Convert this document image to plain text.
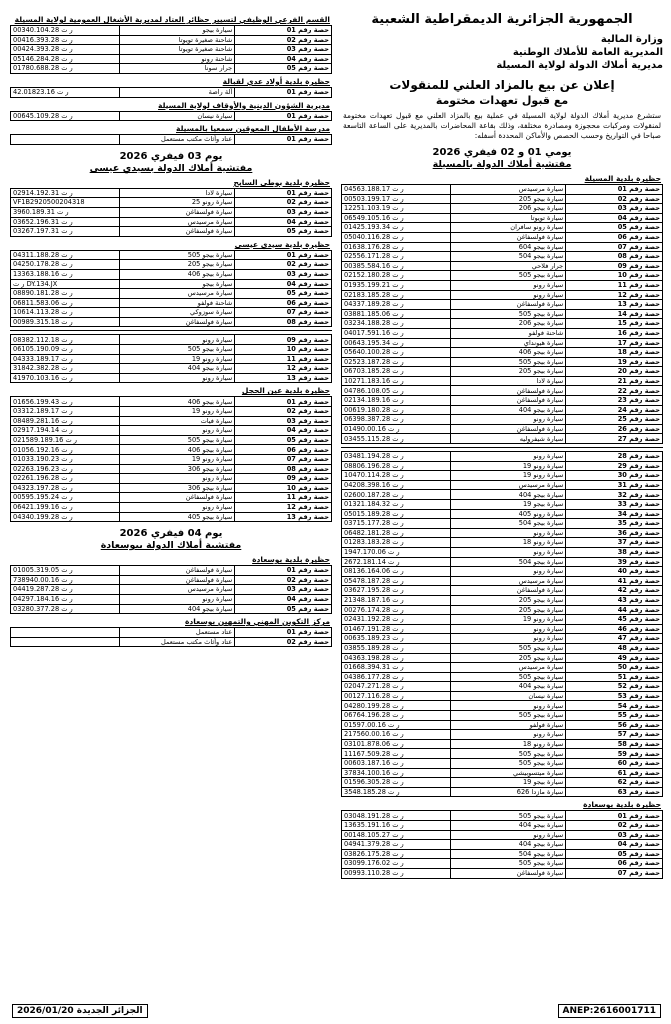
الجمهورية الجزائرية الديمقراطية الشعبية
وزارة المالية
المديرية العامة للأملاك الوطنية
مديرية أملاك الدولة لولاية المسيلة
إعلان عن بيع بالمزاد العلني للمنقولات
مع قبول تعهدات مختومة
ستشرع مديرية أملاك الدولة لولاية المسيلة في عملية بيع بالمزاد العلني مع قبول تعهدات مختومة لمنقولات ومركبات محجوزة ومصادرة مختلفة، وذلك بقاعة المحاضرات بالمديرية على الساعة التاسعة صباحا في التواريخ وحسب الحصص والأماكن المحددة أسفله:
يومي 01 و 02 فيفري 2026
مفتشية أملاك الدولة بالمسيلة
حظيرة بلدية المسيلة
حصة رقم 01	سيارة مرسيدس	ر ت 04563.188.17
حصة رقم 02	سيارة بيجو 205	ر ت 00503.199.17
حصة رقم 03	سيارة بيجو 206	ر ت 12251.103.19
حصة رقم 04	سيارة تويوتا	ر ت 06549.105.16
حصة رقم 05	سيارة رونو سافران	ر ت 01425.193.34
حصة رقم 06	سيارة فولسفاغن	ر ت 05040.116.28
حصة رقم 07	سيارة بيجو 604	ر ت 01638.176.28
حصة رقم 08	سيارة بيجو 504	ر ت 02556.171.28
حصة رقم 09	جرار فلاحي	ر ت 00385.584.16
حصة رقم 10	سيارة بيجو 505	ر ت 02152.180.28
حصة رقم 11	سيارة رونو	ر ت 01935.199.21
حصة رقم 12	سيارة رونو	ر ت 02183.185.28
حصة رقم 13	سيارة فولسفاغن	ر ت 04337.189.28
حصة رقم 14	سيارة بيجو 505	ر ت 03881.185.06
حصة رقم 15	سيارة بيجو 206	ر ت 03234.188.28
حصة رقم 16	شاحنة فولفو	ر ت 04017.591.16
حصة رقم 17	سيارة هيونداي	ر ت 00643.195.34
حصة رقم 18	سيارة بيجو 406	ر ت 05640.100.28
حصة رقم 19	سيارة بيجو 505	ر ت 02523.187.28
حصة رقم 20	سيارة بيجو 205	ر ت 06703.185.28
حصة رقم 21	سيارة لادا	ر ت 10271.183.16
حصة رقم 22	سيارة فولسفاغن	ر ت 04786.108.05
حصة رقم 23	سيارة فولسفاغن	ر ت 02134.189.16
حصة رقم 24	سيارة بيجو 404	ر ت 00619.180.28
حصة رقم 25	سيارة رونو	ر ت 06398.387.28
حصة رقم 26	سيارة فولسفاغن	ر ت 01490.00.16
حصة رقم 27	سيارة شيفروليه	ر ت 03455.115.28
حصة رقم 28	سيارة رونو	ر ت 03481.194.28
حصة رقم 29	سيارة رونو 19	ر ت 08806.196.28
حصة رقم 30	سيارة رونو 19	ر ت 10470.114.28
حصة رقم 31	سيارة مرسيدس	ر ت 04208.398.16
حصة رقم 32	سيارة بيجو 404	ر ت 02600.187.28
حصة رقم 33	سيارة بيجو 19	ر ت 01321.184.32
حصة رقم 34	سيارة رونو 405	ر ت 05015.189.28
حصة رقم 35	سيارة بيجو 504	ر ت 03715.177.28
حصة رقم 36	سيارة رونو	ر ت 06482.181.28
حصة رقم 37	سيارة رونو 18	ر ت 01283.183.28
حصة رقم 38	سيارة رونو	ر ت 1947.170.06
حصة رقم 39	سيارة بيجو 504	ر ت 2672.181.14
حصة رقم 40	سيارة رونو	ر ت 08136.164.06
حصة رقم 41	سيارة مرسيدس	ر ت 05478.187.28
حصة رقم 42	سيارة فولسفاغن	ر ت 03627.195.28
حصة رقم 43	سيارة بيجو 205	ر ت 21348.187.16
حصة رقم 44	سيارة بيجو 205	ر ت 00276.174.28
حصة رقم 45	سيارة رونو 19	ر ت 02431.192.28
حصة رقم 46	سيارة رونو	ر ت 01467.191.28
حصة رقم 47	سيارة رونو	ر ت 00635.189.23
حصة رقم 48	سيارة بيجو 505	ر ت 03855.189.28
حصة رقم 49	سيارة بيجو 205	ر ت 04363.198.28
حصة رقم 50	سيارة مرسيدس	ر ت 01668.394.31
حصة رقم 51	سيارة بيجو 505	ر ت 04386.177.28
حصة رقم 52	سيارة بيجو 404	ر ت 02047.271.28
حصة رقم 53	سيارة نيسان	ر ت 00127.116.28
حصة رقم 54	سيارة رونو	ر ت 04280.199.28
حصة رقم 55	سيارة بيجو 505	ر ت 06764.196.28
حصة رقم 56	سيارة فولفو	ر ت 01597.00.16
حصة رقم 57	سيارة رونو	ر ت 217560.00.16
حصة رقم 58	سيارة رونو 18	ر ت 03101.878.06
حصة رقم 59	سيارة بيجو 505	ر ت 11167.509.28
حصة رقم 60	سيارة بيجو 505	ر ت 00603.187.16
حصة رقم 61	سيارة ميتسوبيشي	ر ت 37834.100.16
حصة رقم 62	سيارة بيجو 19	ر ت 01596.305.28
حصة رقم 63	سيارة مازدا 626	ر ت 3548.185.28
حظيرة بلدية بوسعادة
حصة رقم 01	سيارة بيجو 505	ر ت 03048.191.28
حصة رقم 02	سيارة بيجو 404	ر ت 13635.191.16
حصة رقم 03	سيارة رونو	ر ت 00148.105.27
حصة رقم 04	سيارة بيجو 404	ر ت 04941.379.28
حصة رقم 05	سيارة بيجو 504	ر ت 03826.175.28
حصة رقم 06	سيارة بيجو 505	ر ت 03099.176.02
حصة رقم 07	سيارة فولسفاغن	ر ت 00993.110.28
القسم الفرعي الوظيفي لتسيير حظائر العتاد لمديرية الأشغال العمومية لولاية المسيلة
حصة رقم 01	سيارة بيجو	ر ت 00340.104.28
حصة رقم 02	شاحنة صغيرة تويوتا	ر ت 00416.393.28
حصة رقم 03	شاحنة صغيرة تويوتا	ر ت 00424.393.28
حصة رقم 04	شاحنة رونو	ر ت 05146.284.28
حصة رقم 05	جرار سونا	ر ت 01780.688.28
حظيرة بلدية أولاد عدي لقبالة
حصة رقم 01	آلة راصة	ر ت 42.01823.16
مديرية الشؤون الدينية والأوقاف لولاية المسيلة
حصة رقم 01	سيارة نيسان	ر ت 00645.109.28
مدرسة الأطفال المعوقين سمعيا بالمسيلة
حصة رقم 01	عتاد وأثاث مكتب مستعمل	
يوم 03 فيفري 2026
مفتشية أملاك الدولة بسيدي عيسى
حظيرة بلدية بوطي السايح
حصة رقم 01	سيارة لادا	ر ت 02914.192.31
حصة رقم 02	سيارة رونو 25	VF1B2920500204318
حصة رقم 03	سيارة فولسفاغن	ر ت 3960.189.31
حصة رقم 04	سيارة مرسيدس	ر ت 03652.196.31
حصة رقم 05	سيارة فولسفاغن	ر ت 03267.197.31
حظيرة بلدية سيدي عيسى
حصة رقم 01	سيارة بيجو 505	ر ت 04311.188.28
حصة رقم 02	سيارة بيجو 205	ر ت 04250.178.28
حصة رقم 03	سيارة بيجو 406	ر ت 13363.188.16
حصة رقم 04	سيارة بيجو	ر ت DY.134.JX
حصة رقم 05	سيارة مرسيدس	ر ت 08890.181.28
حصة رقم 06	شاحنة فولفو	ر ت 06811.583.06
حصة رقم 07	سيارة سوزوكي	ر ت 10614.113.28
حصة رقم 08	سيارة فولسفاغن	ر ت 00989.315.18
حصة رقم 09	سيارة رونو	ر ت 08382.112.18
حصة رقم 10	سيارة بيجو 505	ر ت 06105.190.09
حصة رقم 11	سيارة رونو 19	ر ت 04333.189.17
حصة رقم 12	سيارة بيجو 404	ر ت 31842.382.28
حصة رقم 13	سيارة رونو	ر ت 41970.103.16
حظيرة بلدية عين الحجل
حصة رقم 01	سيارة بيجو 406	ر ت 01656.199.43
حصة رقم 02	سيارة رونو 19	ر ت 03312.189.17
حصة رقم 03	سيارة فيات	ر ت 08489.281.16
حصة رقم 04	سيارة رونو	ر ت 02917.194.14
حصة رقم 05	سيارة بيجو 505	ر ت 021589.189.16
حصة رقم 06	سيارة بيجو 406	ر ت 01056.192.16
حصة رقم 07	سيارة رونو 19	ر ت 01033.190.23
حصة رقم 08	سيارة بيجو 306	ر ت 02263.196.23
حصة رقم 09	سيارة رونو	ر ت 02261.196.28
حصة رقم 10	سيارة بيجو 306	ر ت 04323.197.28
حصة رقم 11	سيارة فولسفاغن	ر ت 00595.195.24
حصة رقم 12	سيارة رونو	ر ت 06421.199.16
حصة رقم 13	سيارة بيجو 405	ر ت 04340.199.28
يوم 04 فيفري 2026
مفتشية أملاك الدولة ببوسعادة
حظيرة بلدية بوسعادة
حصة رقم 01	سيارة فولسفاغن	ر ت 01005.319.05
حصة رقم 02	سيارة فولسفاغن	ر ت 738940.00.16
حصة رقم 03	سيارة مرسيدس	ر ت 04419.287.28
حصة رقم 04	سيارة رونو	ر ت 04297.184.16
حصة رقم 05	سيارة بيجو 404	ر ت 03280.377.28
مركز التكوين المهني والتمهين بوسعادة
حصة رقم 01	عتاد مستعمل	
حصة رقم 02	عتاد وأثاث مكتب مستعمل	
الجزائر الجديدة 2026/01/20	ANEP:2616001711
